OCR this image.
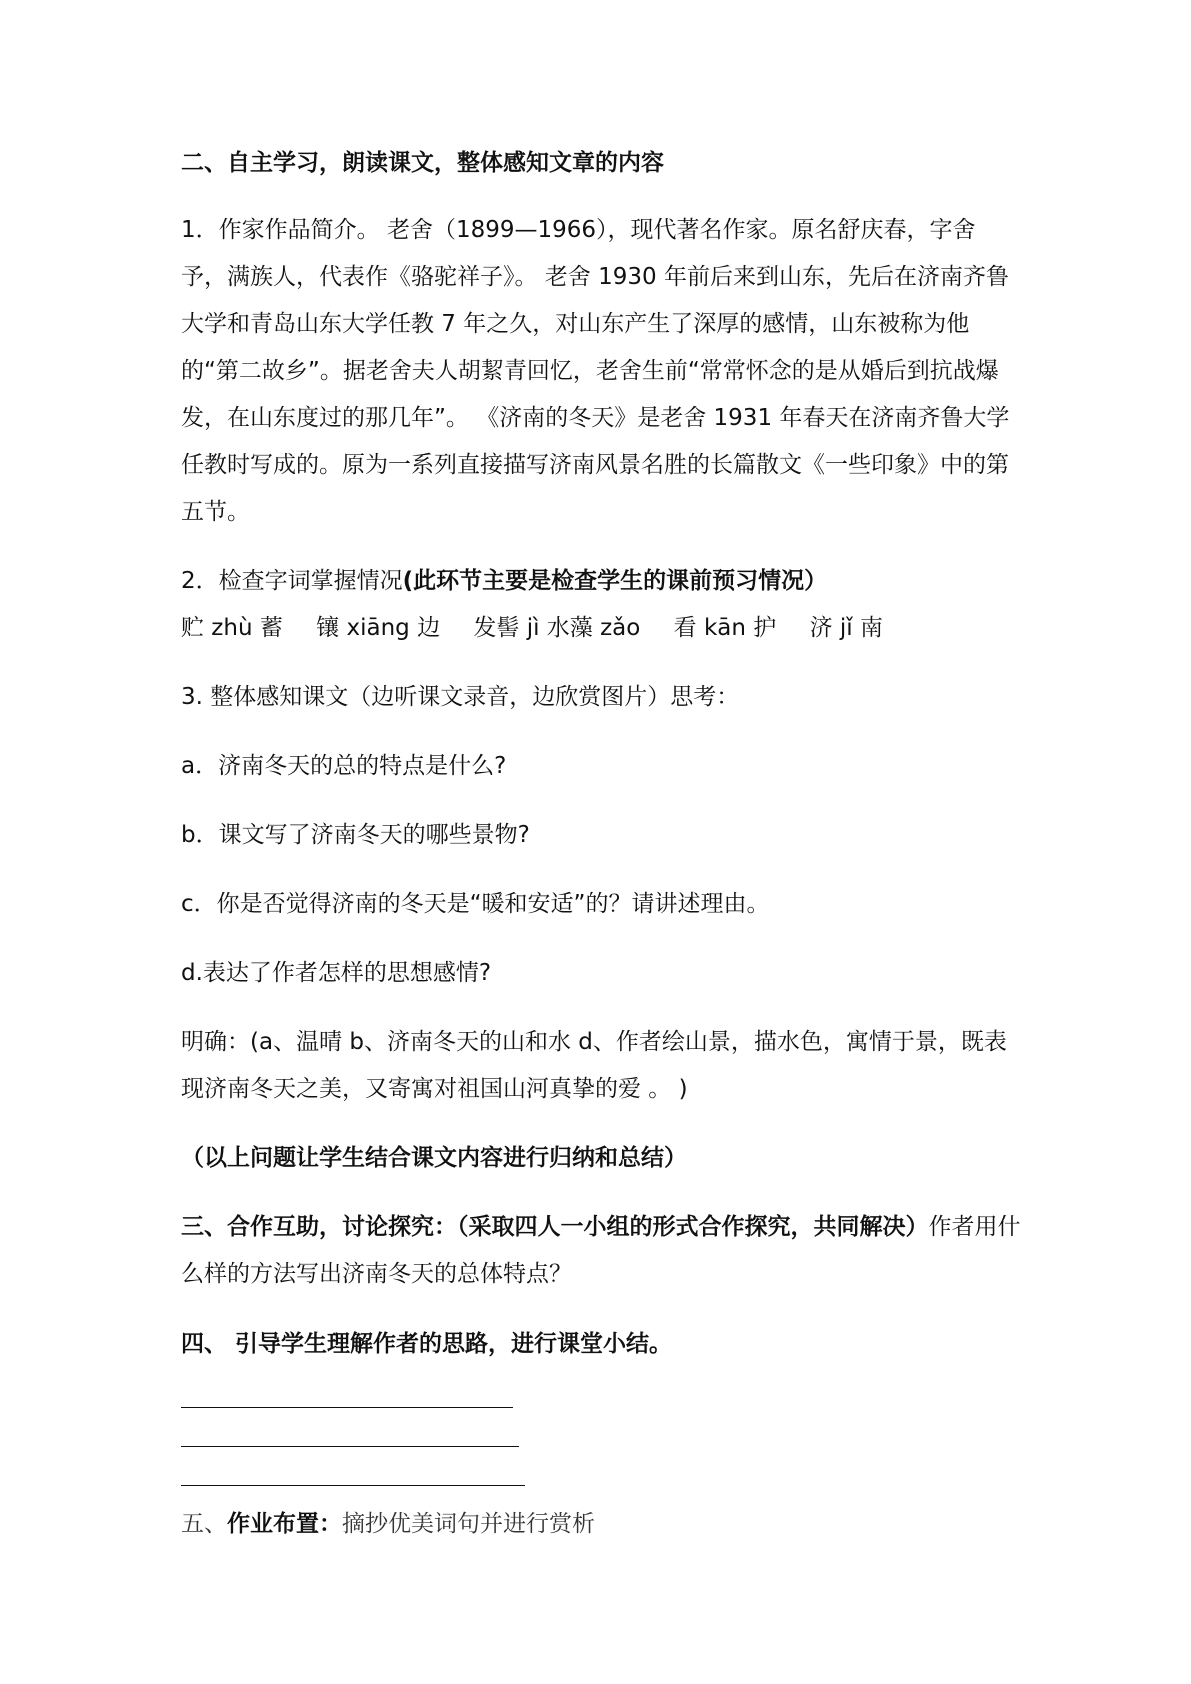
二、自主学习，朗读课文，整体感知文章的内容

1．作家作品简介。 老舍（1899—1966），现代著名作家。原名舒庆春，字舍予，满族人，代表作《骆驼祥子》。 老舍 1930 年前后来到山东，先后在济南齐鲁大学和青岛山东大学任教 7 年之久，对山东产生了深厚的感情，山东被称为他的“第二故乡”。据老舍夫人胡絜青回忆，老舍生前“常常怀念的是从婚后到抗战爆发，在山东度过的那几年”。 《济南的冬天》是老舍 1931 年春天在济南齐鲁大学任教时写成的。原为一系列直接描写济南风景名胜的长篇散文《一些印象》中的第五节。

2．检查字词掌握情况(此环节主要是检查学生的课前预习情况）

贮 zhù 蓄 镶 xiāng 边 发髻 jì 水藻 zǎo 看 kān 护 济 jǐ 南

3. 整体感知课文（边听课文录音，边欣赏图片）思考：

a．济南冬天的总的特点是什么?

b．课文写了济南冬天的哪些景物?

c．你是否觉得济南的冬天是“暖和安适”的？请讲述理由。

d.表达了作者怎样的思想感情?

明确：(a、温晴 b、济南冬天的山和水 d、作者绘山景，描水色，寓情于景，既表现济南冬天之美，又寄寓对祖国山河真挚的爱 。 )

（以上问题让学生结合课文内容进行归纳和总结）

三、合作互助，讨论探究：（采取四人一小组的形式合作探究，共同解决）作者用什么样的方法写出济南冬天的总体特点？

四、 引导学生理解作者的思路，进行课堂小结。

五、作业布置：摘抄优美词句并进行赏析
